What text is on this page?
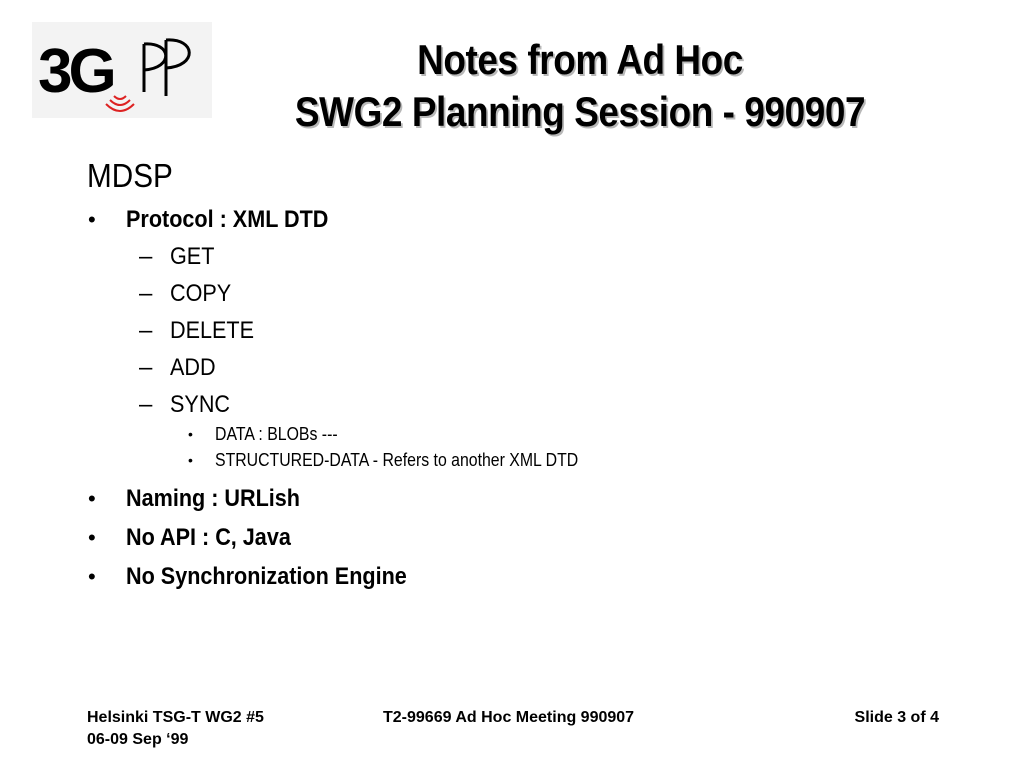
3G	Notes from Ad Hoc
SWG2 Planning Session - 990907
MDSP
• Protocol : XML DTD
– GET
– COPY
– DELETE
– ADD
– SYNC
• DATA : BLOBs ---
• STRUCTURED-DATA - Refers to another XML DTD
• Naming : URLish
• No API : C, Java
• No Synchronization Engine
Helsinki TSG-T WG2 #5
06-09 Sep ‘99
T2-99669 Ad Hoc Meeting 990907	Slide 3 of 4
